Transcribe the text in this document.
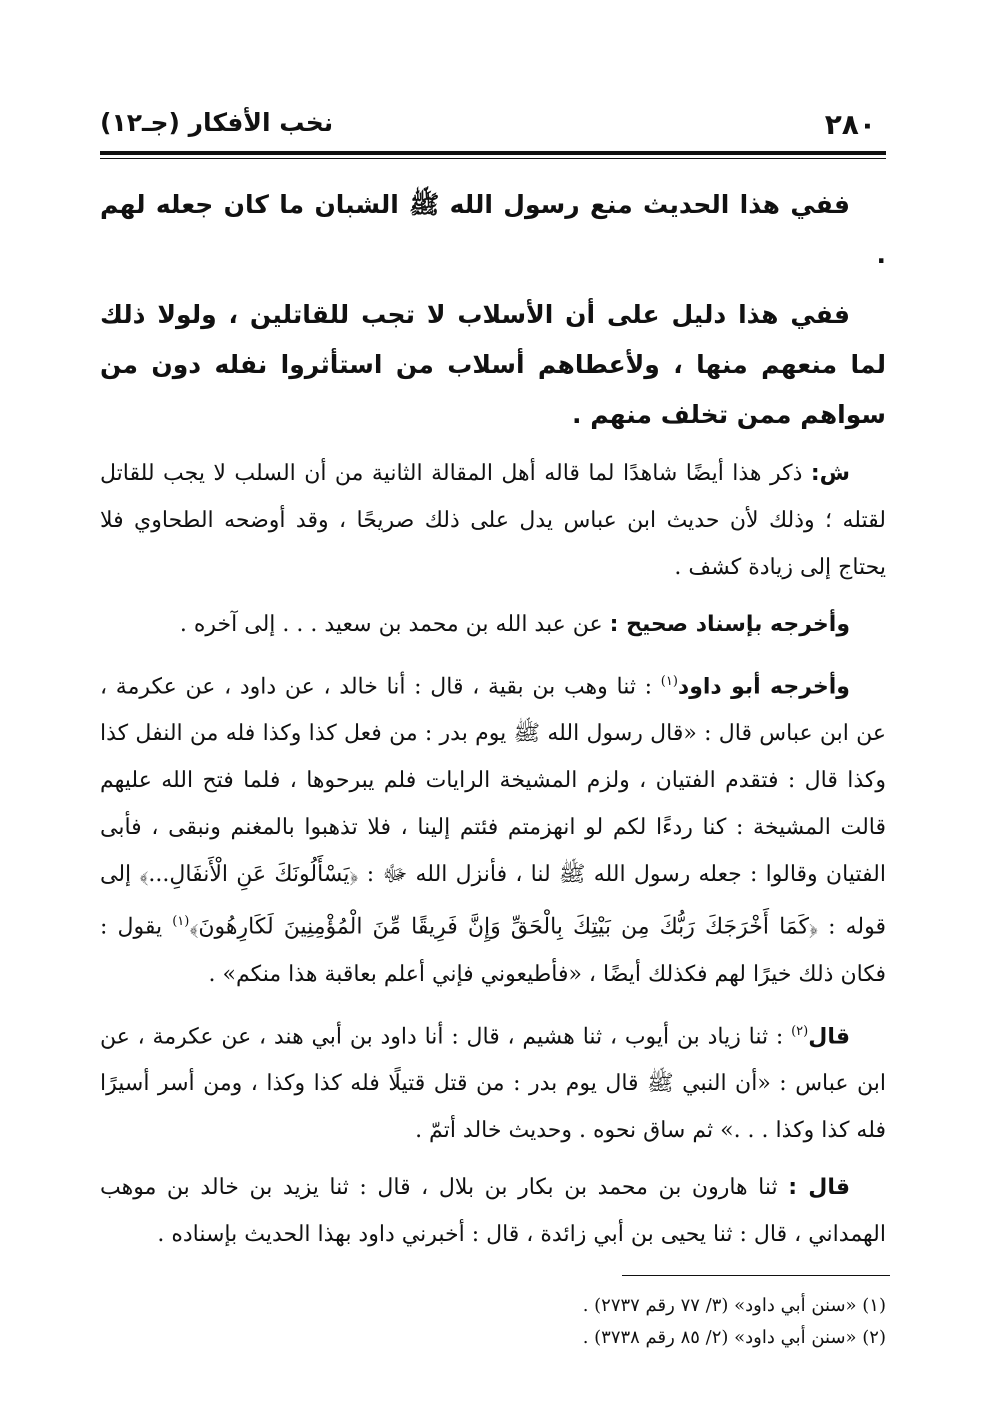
نخب الأفكار (جـ١٢)	٢٨٠

ففي هذا الحديث منع رسول الله ﷺ الشبان ما كان جعله لهم .

ففي هذا دليل على أن الأسلاب لا تجب للقاتلين ، ولولا ذلك لما منعهم منها ، ولأعطاهم أسلاب من استأثروا نفله دون من سواهم ممن تخلف منهم .

ش: ذكر هذا أيضًا شاهدًا لما قاله أهل المقالة الثانية من أن السلب لا يجب للقاتل لقتله ؛ وذلك لأن حديث ابن عباس يدل على ذلك صريحًا ، وقد أوضحه الطحاوي فلا يحتاج إلى زيادة كشف .

وأخرجه بإسناد صحيح : عن عبد الله بن محمد بن سعيد . . . إلى آخره .

وأخرجه أبو داود$^{(١)}$ : ثنا وهب بن بقية ، قال : أنا خالد ، عن داود ، عن عكرمة ، عن ابن عباس قال : «قال رسول الله ﷺ يوم بدر : من فعل كذا وكذا فله من النفل كذا وكذا قال : فتقدم الفتيان ، ولزم المشيخة الرايات فلم يبرحوها ، فلما فتح الله عليهم قالت المشيخة : كنا ردءًا لكم لو انهزمتم فئتم إلينا ، فلا تذهبوا بالمغنم ونبقى ، فأبى الفتيان وقالوا : جعله رسول الله ﷺ لنا ، فأنزل الله ﷻ : ﴿يَسْأَلُونَكَ عَنِ الْأَنفَالِ...﴾ إلى قوله : ﴿كَمَا أَخْرَجَكَ رَبُّكَ مِن بَيْتِكَ بِالْحَقِّ وَإِنَّ فَرِيقًا مِّنَ الْمُؤْمِنِينَ لَكَارِهُونَ﴾$^{(١)}$ يقول : فكان ذلك خيرًا لهم فكذلك أيضًا ، «فأطيعوني فإني أعلم بعاقبة هذا منكم» .

قال$^{(٢)}$ : ثنا زياد بن أيوب ، ثنا هشيم ، قال : أنا داود بن أبي هند ، عن عكرمة ، عن ابن عباس : «أن النبي ﷺ قال يوم بدر : من قتل قتيلًا فله كذا وكذا ، ومن أسر أسيرًا فله كذا وكذا . . .» ثم ساق نحوه . وحديث خالد أتمّ .

قال : ثنا هارون بن محمد بن بكار بن بلال ، قال : ثنا يزيد بن خالد بن موهب الهمداني ، قال : ثنا يحيى بن أبي زائدة ، قال : أخبرني داود بهذا الحديث بإسناده .

(١) «سنن أبي داود» (٣/ ٧٧ رقم ٢٧٣٧) .

(٢) «سنن أبي داود» (٢/ ٨٥ رقم ٣٧٣٨) .
